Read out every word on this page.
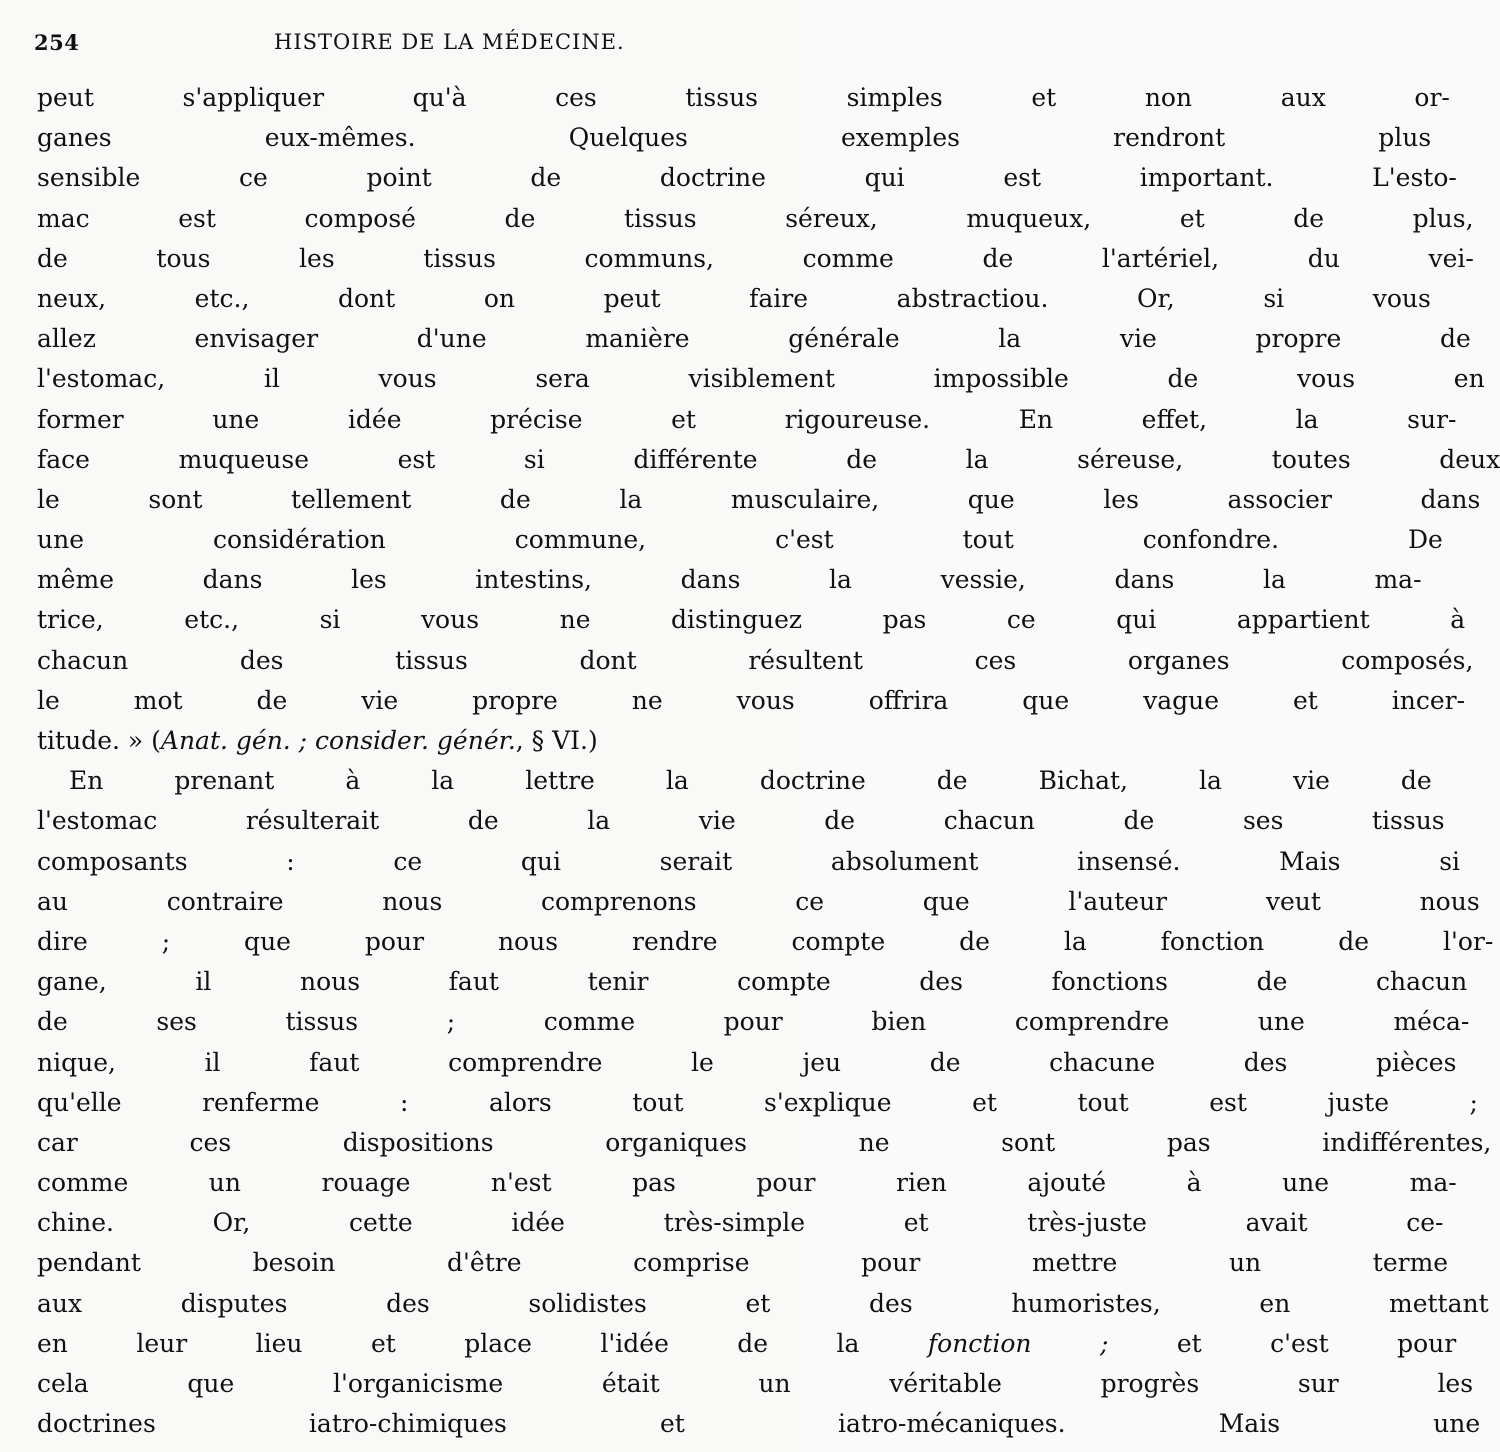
254	HISTOIRE DE LA MÉDECINE.
peut s'appliquer qu'à ces tissus simples et non aux or-
ganes eux-mêmes. Quelques exemples rendront plus
sensible ce point de doctrine qui est important. L'esto-
mac est composé de tissus séreux, muqueux, et de plus,
de tous les tissus communs, comme de l'artériel, du vei-
neux, etc., dont on peut faire abstractiou. Or, si vous
allez envisager d'une manière générale la vie propre de
l'estomac, il vous sera visiblement impossible de vous en
former une idée précise et rigoureuse. En effet, la sur-
face muqueuse est si différente de la séreuse, toutes deux
le sont tellement de la musculaire, que les associer dans
une considération commune, c'est tout confondre. De
même dans les intestins, dans la vessie, dans la ma-
trice, etc., si vous ne distinguez pas ce qui appartient à
chacun des tissus dont résultent ces organes composés,
le mot de vie propre ne vous offrira que vague et incer-
titude. » (Anat. gén. ; consider. génér., § VI.)
En prenant à la lettre la doctrine de Bichat, la vie de
l'estomac résulterait de la vie de chacun de ses tissus
composants : ce qui serait absolument insensé. Mais si
au contraire nous comprenons ce que l'auteur veut nous
dire ; que pour nous rendre compte de la fonction de l'or-
gane, il nous faut tenir compte des fonctions de chacun
de ses tissus ; comme pour bien comprendre une méca-
nique, il faut comprendre le jeu de chacune des pièces
qu'elle renferme : alors tout s'explique et tout est juste ;
car ces dispositions organiques ne sont pas indifférentes,
comme un rouage n'est pas pour rien ajouté à une ma-
chine. Or, cette idée très-simple et très-juste avait ce-
pendant besoin d'être comprise pour mettre un terme
aux disputes des solidistes et des humoristes, en mettant
en leur lieu et place l'idée de la fonction ; et c'est pour
cela que l'organicisme était un véritable progrès sur les
doctrines iatro-chimiques et iatro-mécaniques. Mais une
